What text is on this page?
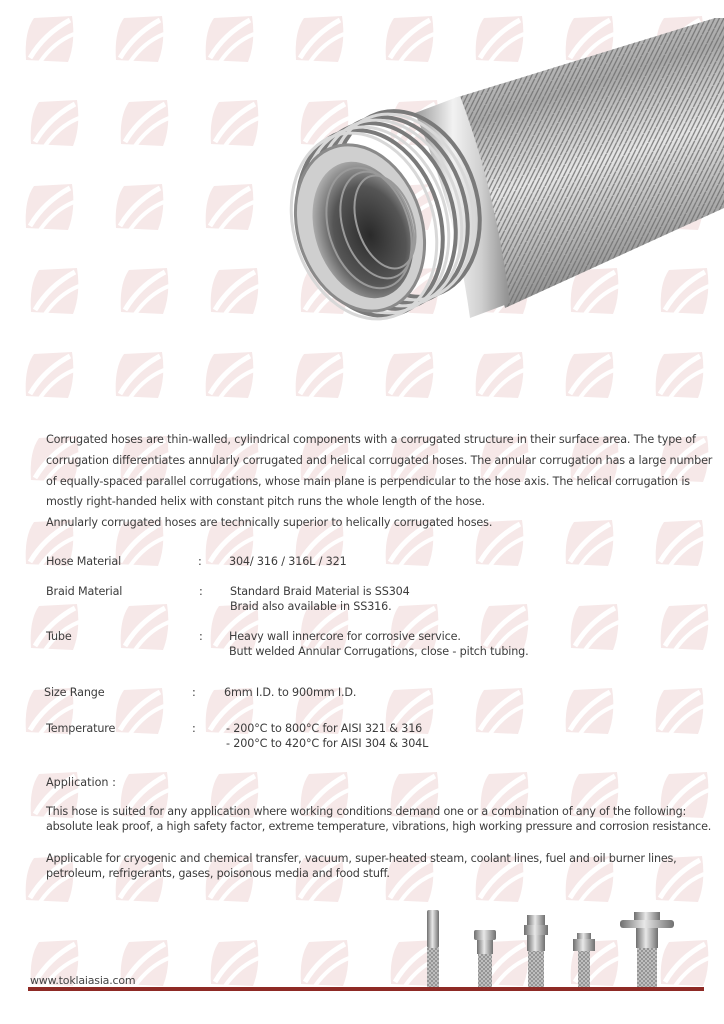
Corrugated hoses are thin-walled, cylindrical components with a corrugated structure in their surface area. The type of

corrugation differentiates annularly corrugated and helical corrugated hoses. The annular corrugation has a large number

of equally-spaced parallel corrugations, whose main plane is perpendicular to the hose axis. The helical corrugation is

mostly right-handed helix with constant pitch runs the whole length of the hose.

Annularly corrugated hoses are technically superior to helically corrugated hoses.

Hose Material	: 304/ 316 / 316L / 321
Braid Material	: Standard Braid Material is SS304
Braid also available in SS316.
Tube	: Heavy wall innercore for corrosive service.
Butt welded Annular Corrugations, close - pitch tubing.
Size Range	:	6mm I.D. to 900mm I.D.
Temperature	:	- 200°C to 800°C for AISI 321 & 316
- 200°C to 420°C for AISI 304 & 304L
Application :
This hose is suited for any application where working conditions demand one or a combination of any of the following:
absolute leak proof, a high safety factor, extreme temperature, vibrations, high working pressure and corrosion resistance.
Applicable for cryogenic and chemical transfer, vacuum, super-heated steam, coolant lines, fuel and oil burner lines,
petroleum, refrigerants, gases, poisonous media and food stuff.
www.toklaiasia.com
